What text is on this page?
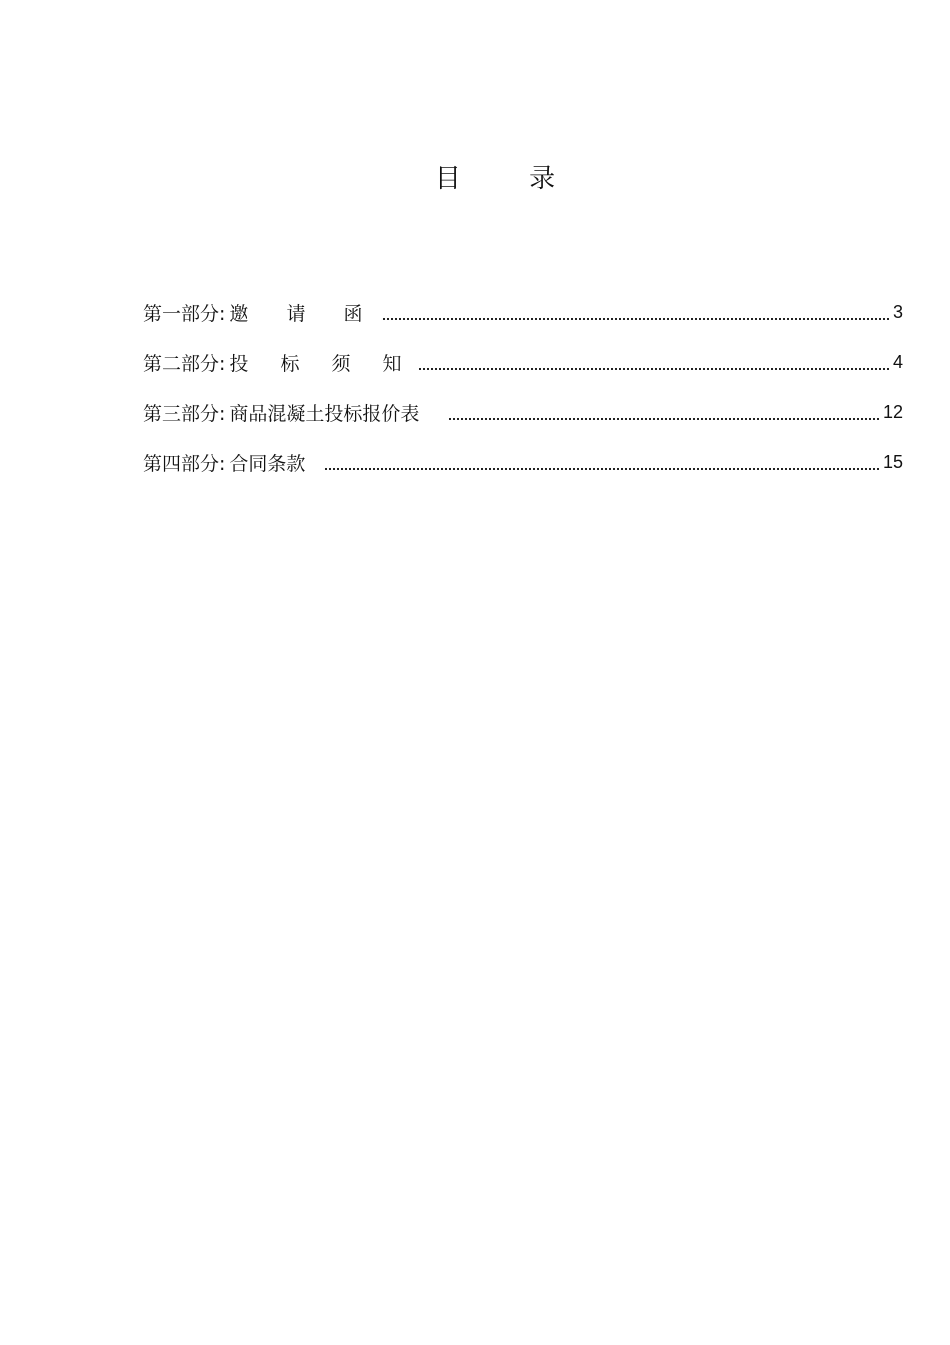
目 录
第一部分: 邀 请 函	3
第二部分: 投 标 须 知	4
第三部分: 商品混凝土投标报价表	12
第四部分: 合同条款	15
